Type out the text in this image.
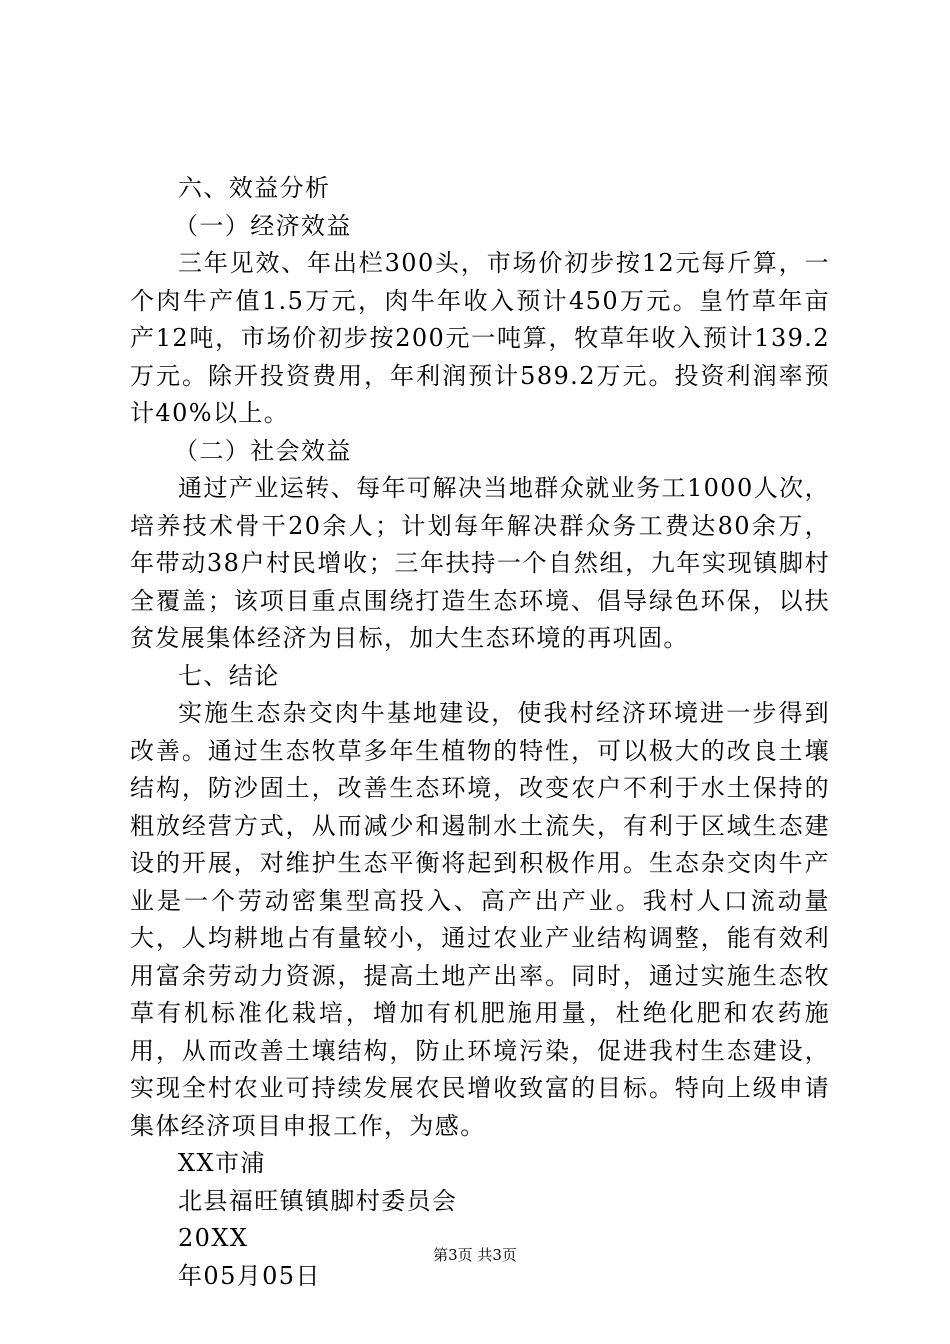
六、效益分析

（一）经济效益

三年见效、年出栏300头，市场价初步按12元每斤算，一个肉牛产值1.5万元，肉牛年收入预计450万元。皇竹草年亩产12吨，市场价初步按200元一吨算，牧草年收入预计139.2万元。除开投资费用，年利润预计589.2万元。投资利润率预计40%以上。

（二）社会效益

通过产业运转、每年可解决当地群众就业务工1000人次，培养技术骨干20余人；计划每年解决群众务工费达80余万，年带动38户村民增收；三年扶持一个自然组，九年实现镇脚村全覆盖；该项目重点围绕打造生态环境、倡导绿色环保，以扶贫发展集体经济为目标，加大生态环境的再巩固。

七、结论

实施生态杂交肉牛基地建设，使我村经济环境进一步得到改善。通过生态牧草多年生植物的特性，可以极大的改良土壤结构，防沙固土，改善生态环境，改变农户不利于水土保持的粗放经营方式，从而减少和遏制水土流失，有利于区域生态建设的开展，对维护生态平衡将起到积极作用。生态杂交肉牛产业是一个劳动密集型高投入、高产出产业。我村人口流动量大，人均耕地占有量较小，通过农业产业结构调整，能有效利用富余劳动力资源，提高土地产出率。同时，通过实施生态牧草有机标准化栽培，增加有机肥施用量，杜绝化肥和农药施用，从而改善土壤结构，防止环境污染，促进我村生态建设，实现全村农业可持续发展农民增收致富的目标。特向上级申请集体经济项目申报工作，为感。

XX市浦

北县福旺镇镇脚村委员会

20XX

年05月05日

第3页 共3页
